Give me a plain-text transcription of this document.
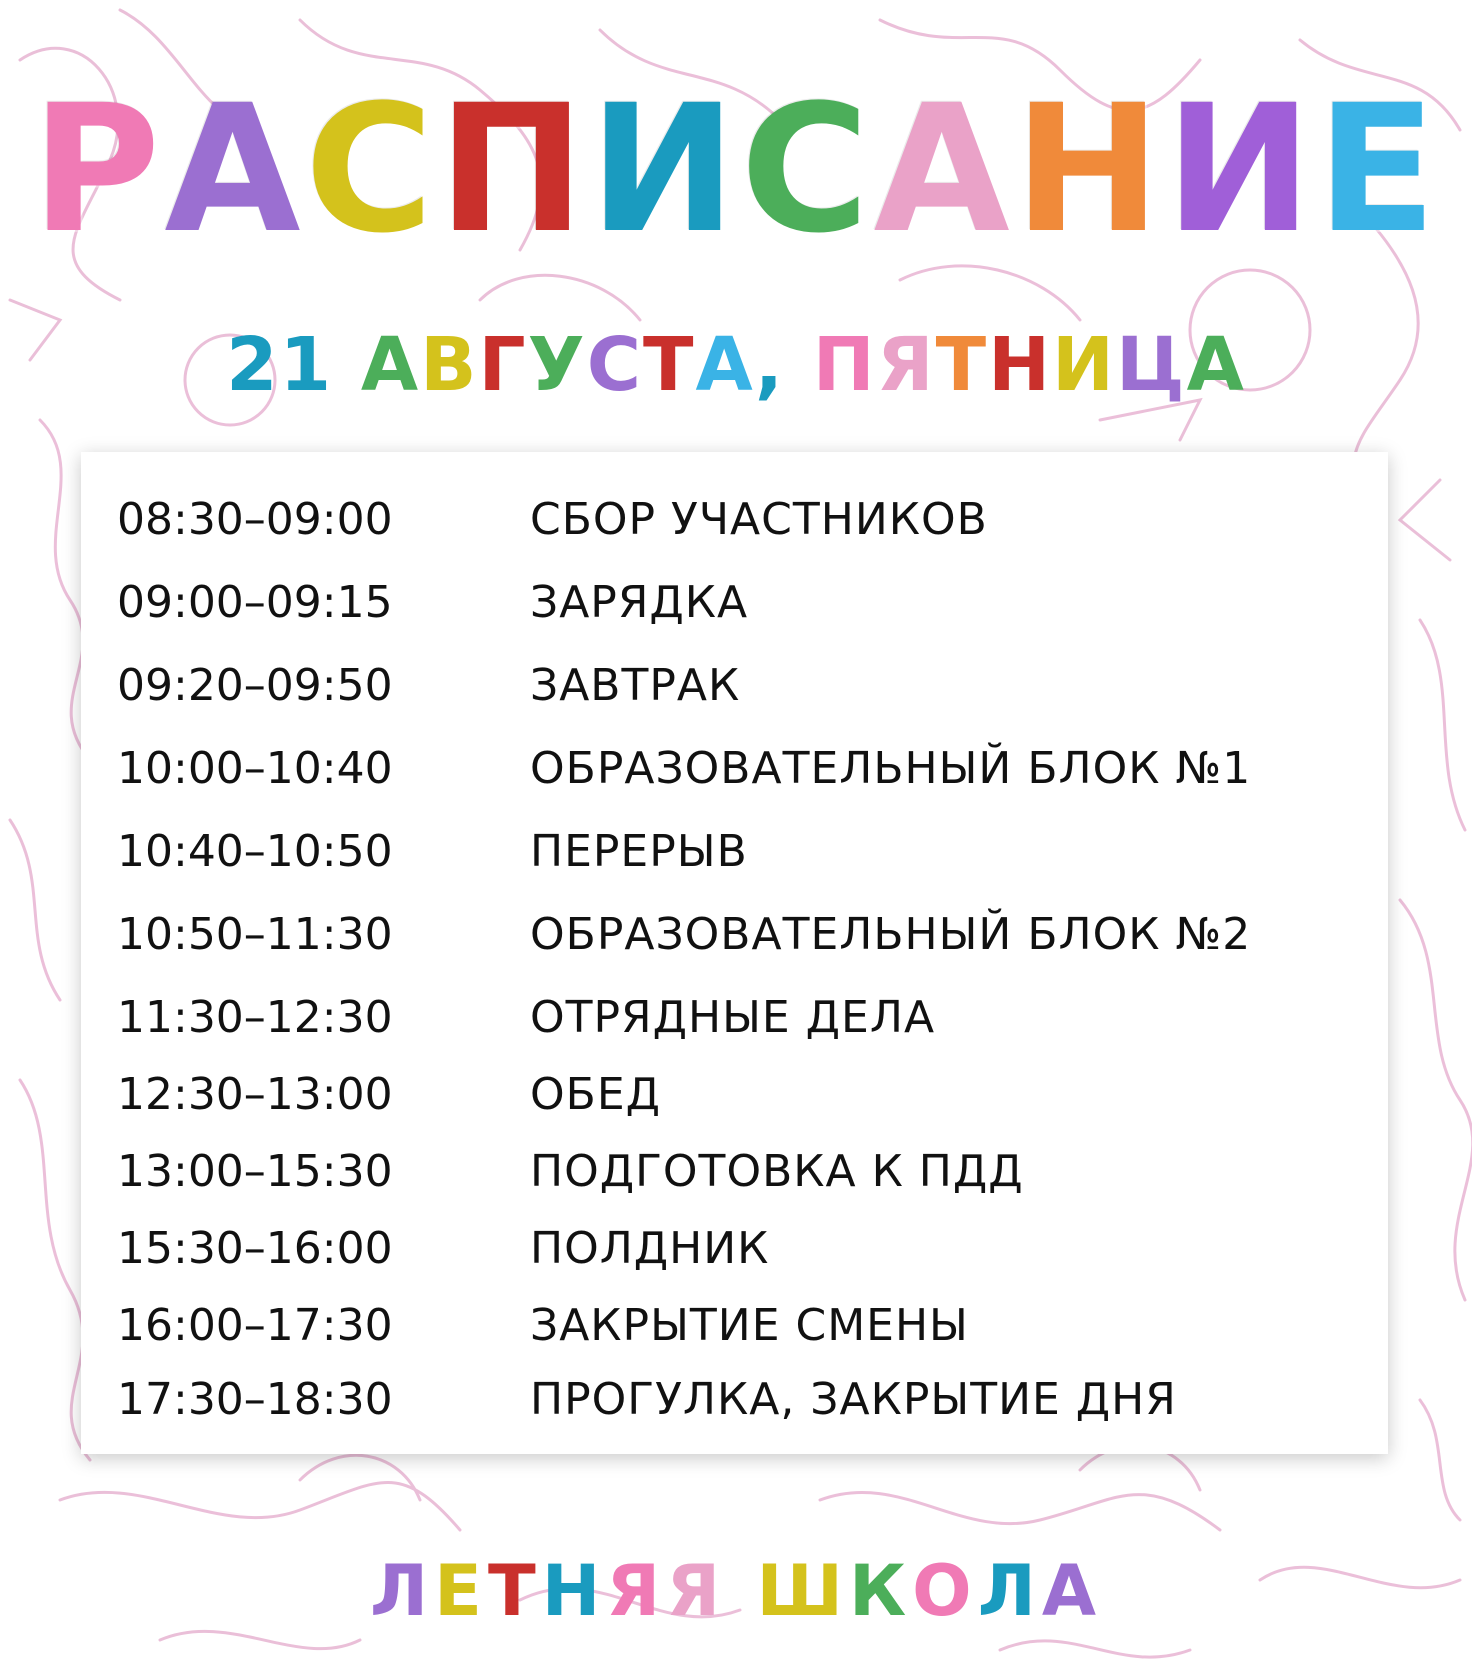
РАСПИСАНИЕ
21 АВГУСТА, ПЯТНИЦА
08:30–09:00	СБОР УЧАСТНИКОВ
09:00–09:15	ЗАРЯДКА
09:20–09:50	ЗАВТРАК
10:00–10:40	ОБРАЗОВАТЕЛЬНЫЙ БЛОК №1
10:40–10:50	ПЕРЕРЫВ
10:50–11:30	ОБРАЗОВАТЕЛЬНЫЙ БЛОК №2
11:30–12:30	ОТРЯДНЫЕ ДЕЛА
12:30–13:00	ОБЕД
13:00–15:30	ПОДГОТОВКА К ПДД
15:30–16:00	ПОЛДНИК
16:00–17:30	ЗАКРЫТИЕ СМЕНЫ
17:30–18:30	ПРОГУЛКА, ЗАКРЫТИЕ ДНЯ
ЛЕТНЯЯ ШКОЛА
